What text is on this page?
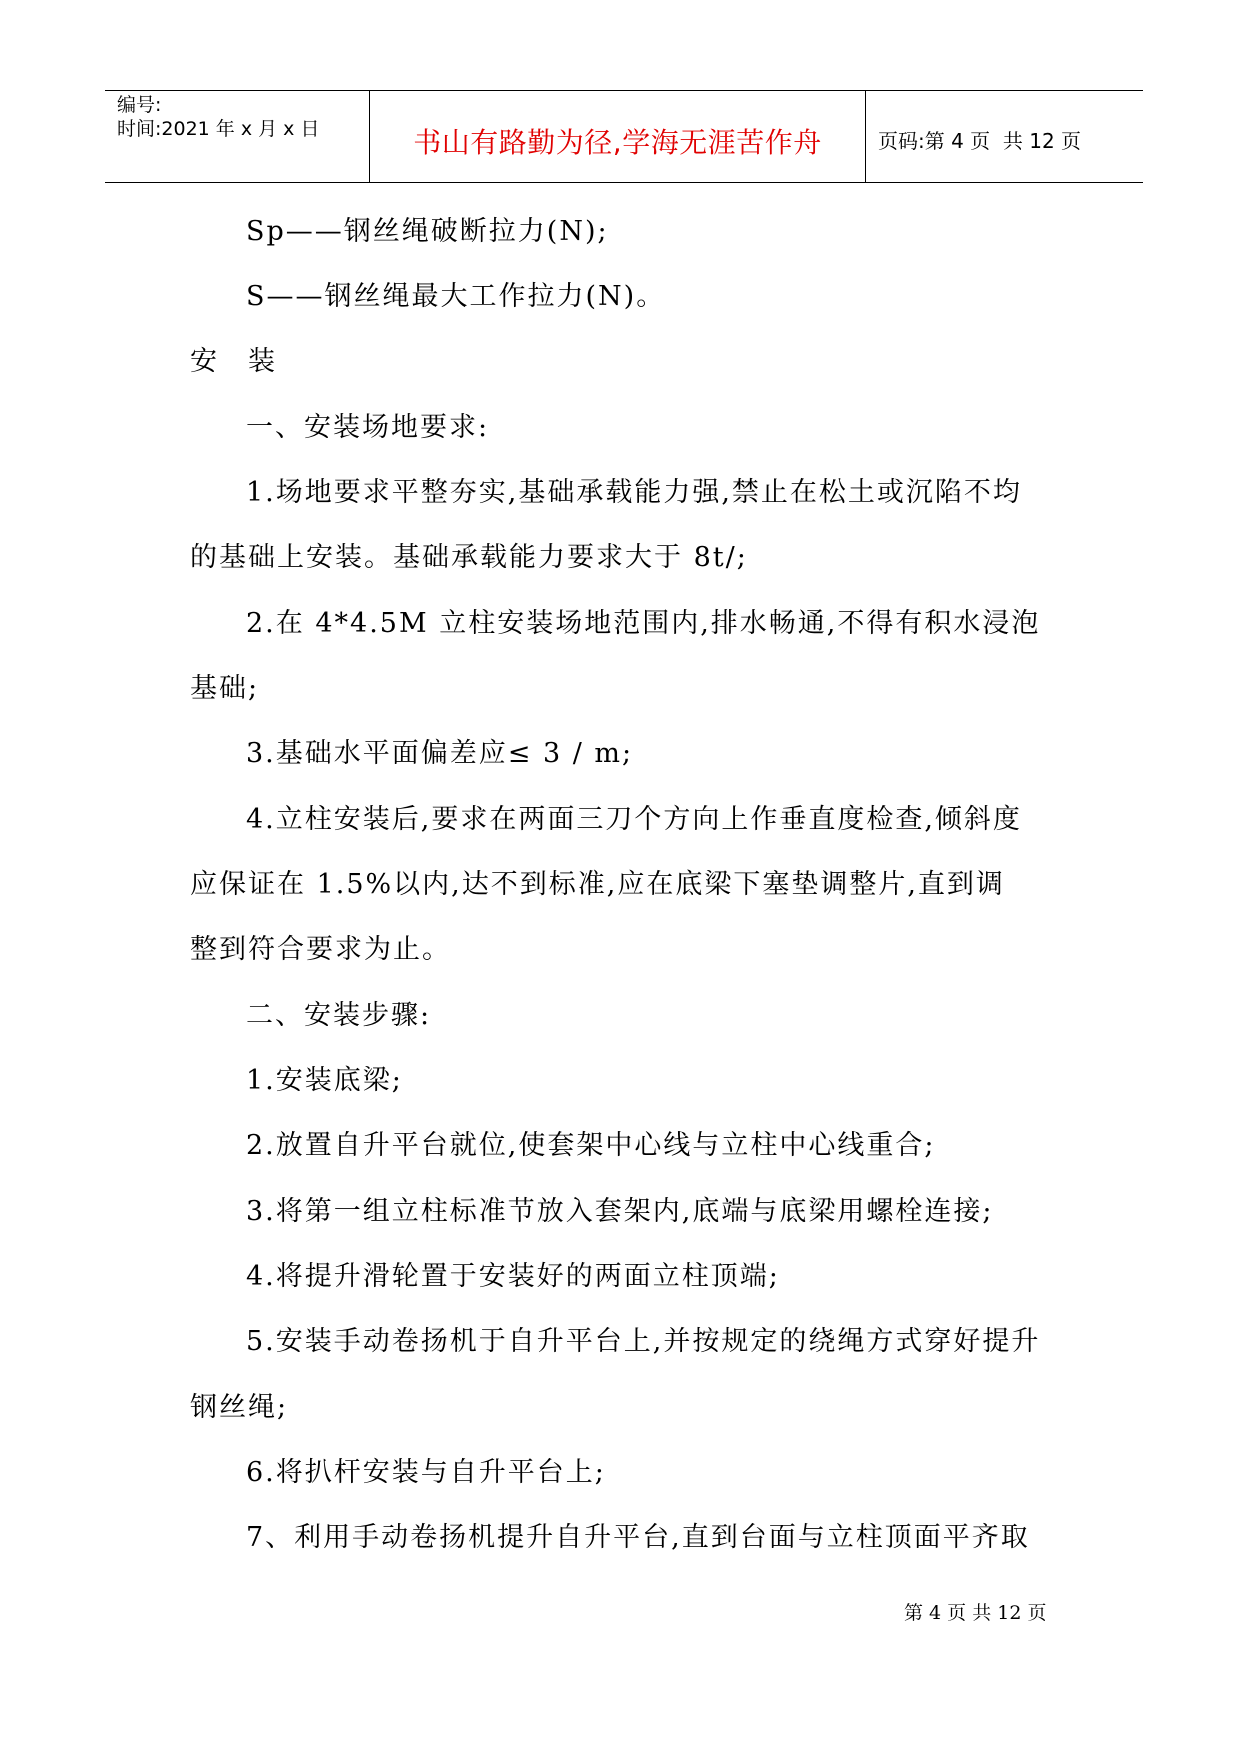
编号:
时间:2021 年 x 月 x 日	书山有路勤为径,学海无涯苦作舟	页码:第 4 页  共 12 页
Sp——钢丝绳破断拉力(N);
S——钢丝绳最大工作拉力(N)。
安　装
一、安装场地要求:
1.场地要求平整夯实,基础承载能力强,禁止在松土或沉陷不均
的基础上安装。基础承载能力要求大于 8t/;
2.在 4*4.5M 立柱安装场地范围内,排水畅通,不得有积水浸泡
基础;
3.基础水平面偏差应≤ 3 / m;
4.立柱安装后,要求在两面三刀个方向上作垂直度检查,倾斜度
应保证在 1.5%以内,达不到标准,应在底梁下塞垫调整片,直到调
整到符合要求为止。
二、安装步骤:
1.安装底梁;
2.放置自升平台就位,使套架中心线与立柱中心线重合;
3.将第一组立柱标准节放入套架内,底端与底梁用螺栓连接;
4.将提升滑轮置于安装好的两面立柱顶端;
5.安装手动卷扬机于自升平台上,并按规定的绕绳方式穿好提升
钢丝绳;
6.将扒杆安装与自升平台上;
7、利用手动卷扬机提升自升平台,直到台面与立柱顶面平齐取
第 4 页 共 12 页
